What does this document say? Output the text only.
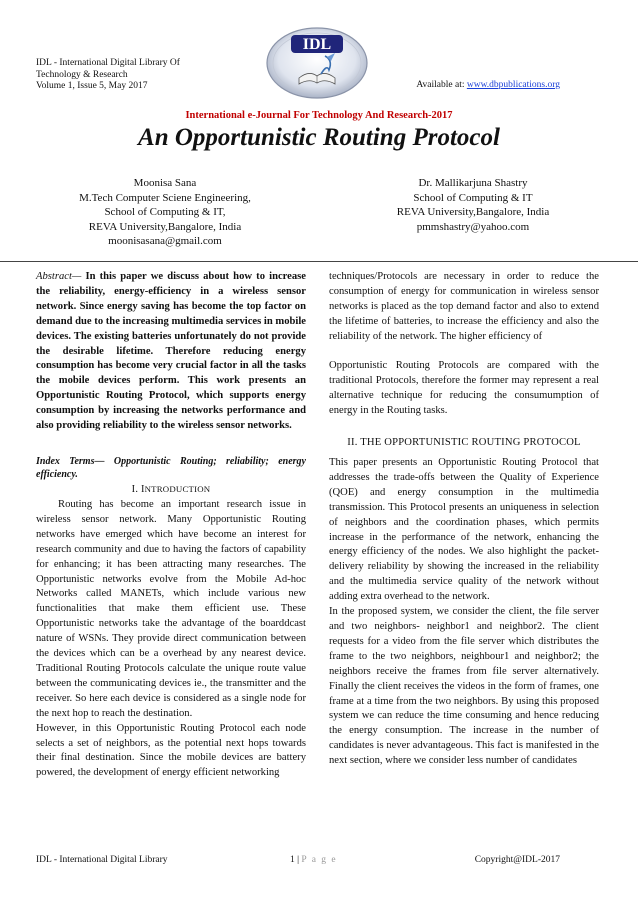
IDL - International Digital Library Of
Technology & Research
Volume 1, Issue 5, May 2017
IDL
Available at: www.dbpublications.org
International e-Journal For Technology And Research-2017
An Opportunistic Routing Protocol
Moonisa Sana
M.Tech Computer Sciene Engineering,
School of Computing & IT,
REVA University,Bangalore, India
moonisasana@gmail.com
Dr. Mallikarjuna Shastry
School of Computing & IT
REVA University,Bangalore, India
pmmshastry@yahoo.com
Abstract— In this paper we discuss about how to increase the reliability, energy-efficiency in a wireless sensor network. Since energy saving has become the top factor on demand due to the increasing multimedia services in mobile devices. The existing batteries unfortunately do not provide the desirable lifetime. Therefore reducing energy consumption has become very crucial factor in all the tasks the mobile devices perform. This work presents an Opportunistic Routing Protocol, which supports energy consumption by increasing the networks performance and also providing reliability to the wireless sensor networks.
Index Terms— Opportunistic Routing; reliability; energy efficiency.
I. INTRODUCTION

Routing has become an important research issue in wireless sensor network. Many Opportunistic Routing networks have emerged which have become an interest for research community and due to having the factors of capability for enhancing; it has been attracting many researches. The Opportunistic networks evolve from the Mobile Ad-hoc Networks called MANETs, which include various new functionalities that make them efficient use. These Opportunistic networks take the advantage of the boarddcast nature of WSNs. They provide direct communication between the devices which can be a overhead by any nearest device. Traditional Routing Protocols calculate the unique route value between the communicating devices ie., the transmitter and the receiver. So here each device is considered as a single node for the next hop to reach the destination.

However, in this Opportunistic Routing Protocol each node selects a set of neighbors, as the potential next hops towards their final destination. Since the mobile devices are battery powered, the development of energy efficient networking

techniques/Protocols are necessary in order to reduce the consumption of energy for communication in wireless sensor networks is placed as the top demand factor and also to extend the lifetime of batteries, to increase the efficiency and also the reliability of the network. The higher efficiency of

Opportunistic Routing Protocols are compared with the traditional Protocols, therefore the former may represent a real alternative technique for reducing the consumumption of energy in the Routing tasks.

II. THE OPPORTUNISTIC ROUTING PROTOCOL

This paper presents an Opportunistic Routing Protocol that addresses the trade-offs between the Quality of Experience (QOE) and energy consumption in the multimedia transmission. This Protocol presents an uniqueness in selection of neighbors and the coordination phases, which permits increase in the performance of the network, enhancing the energy efficiency of the nodes. We also highlight the packet-delivery reliability by showing the increased in the reliability and the multimedia service quality of the network without adding extra overhead to the network.

In the proposed system, we consider the client, the file server and two neighbors- neighbor1 and neighbor2. The client requests for a video from the file server which distributes the frame to the two neighbors, neighbour1 and neighbor2; the neighbors receive the frames from file server alternatively. Finally the client receives the videos in the form of frames, one frame at a time from the two neighbors. By using this proposed system we can reduce the time consuming and hence reducing the energy consumption. The increase in the number of candidates is never advantageous. This fact is manifested in the next section, where we consider less number of candidates

IDL - International Digital Library	1 | P a g e	Copyright@IDL-2017
